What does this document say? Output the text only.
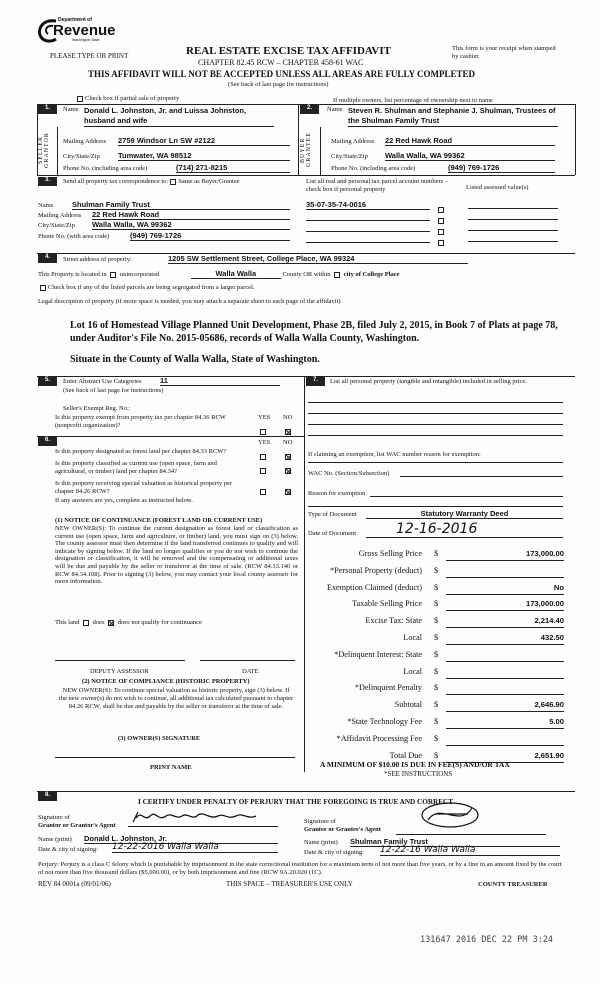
Department of
Revenue
Washington State
PLEASE TYPE OR PRINT	REAL ESTATE EXCISE TAX AFFIDAVIT
CHAPTER 82.45 RCW – CHAPTER 458-61 WAC
THIS AFFIDAVIT WILL NOT BE ACCEPTED UNLESS ALL AREAS ARE FULLY COMPLETED
(See back of last page for instructions)
This form is your receipt when stamped by cashier.
Check box if partial sale of property	If multiple owners, list percentage of ownership next to name
1.
SELLER GRANTOR
Name Donald L. Johnston, Jr. and Luissa Johnston, husband and wife
Mailing Address 2759 Windsor Ln SW #2122
City/State/Zip Tumwater, WA 98512
Phone No. (including area code)	(714) 271-8215
2.
BUYER GRANTEE
Name Steven R. Shulman and Stephanie J. Shulman, Trustees of the Shulman Family Trust
Mailing Address 22 Red Hawk Road
City/State/Zip Walla Walla, WA 99362
Phone No. (including area code)	(949) 769-1726
3.	Send all property tax correspondence to: Same as Buyer/Grantee	List all real and personal tax parcel account numbers – check box if personal property	Listed assessed value(s)
Name Shulman Family Trust
Mailing Address 22 Red Hawk Road
City/State/Zip Walla Walla, WA 99362
Phone No. (with area code)	(949) 769-1726
35-07-35-74-0016
4.	Street address of property:	1205 SW Settlement Street, College Place, WA 99324
This Property is located in unincorporated	Walla Walla	County OR within city of College Place
Check box if any of the listed parcels are being segregated from a larger parcel.
Legal description of property (if more space is needed, you may attach a separate sheet to each page of the affidavit)
Lot 16 of Homestead Village Planned Unit Development, Phase 2B, filed July 2, 2015, in Book 7 of Plats at page 78, under Auditor's File No. 2015-05686, records of Walla Walla County, Washington.
Situate in the County of Walla Walla, State of Washington.
5.	Enter Abstract Use Categories 11
(See back of last page for instructions)
Seller's Exempt Reg. No.:
Is this property exempt from property tax per chapter 84.36 RCW (nonprofit organization)?
YES NO
7.	List all personal property (tangible and intangible) included in selling price.
6.	YES NO
Is this property designated as forest land per chapter 84.33 RCW?
Is this property classified as current use (open space, farm and agricultural, or timber) land per chapter 84.34?
Is this property receiving special valuation as historical property per chapter 84.26 RCW?
If any answers are yes, complete as instructed below.
(1) NOTICE OF CONTINUANCE (FOREST LAND OR CURRENT USE)
NEW OWNER(S): To continue the current designation as forest land or classification as current use (open space, farm and agriculture, or timber) land, you must sign on (3) below. The county assessor must then determine if the land transferred continues to qualify and will indicate by signing below. If the land no longer qualifies or you do not wish to continue the designation or classification, it will be removed and the compensating or additional taxes will be due and payable by the seller or transferor at the time of sale. (RCW 84.33.140 or RCW 84.34.108). Prior to signing (3) below, you may contact your local county assessor for more information.
This land does does not qualify for continuance
DEPUTY ASSESSOR	DATE
(2) NOTICE OF COMPLIANCE (HISTORIC PROPERTY)
NEW OWNER(S): To continue special valuation as historic property, sign (3) below. If the new owner(s) do not wish to continue, all additional tax calculated pursuant to chapter 84.26 RCW, shall be due and payable by the seller or transferor at the time of sale.
(3) OWNER(S) SIGNATURE
PRINT NAME
If claiming an exemption, list WAC number reason for exemption:
WAC No. (Section/Subsection)
Reason for exemption
Type of Document	Statutory Warranty Deed
Date of Document	12-16-2016
Gross Selling Price $	173,000.00
*Personal Property (deduct) $
Exemption Claimed (deduct) $	No
Taxable Selling Price $	173,000.00
Excise Tax: State $	2,214.40
Local $	432.50
*Delinquent Interest: State $
Local $
*Delinquent Penalty $
Subtotal $	2,646.90
*State Technology Fee $	5.00
*Affidavit Processing Fee $
Total Due $	2,651.90
A MINIMUM OF $10.00 IS DUE IN FEE(S) AND/OR TAX
*SEE INSTRUCTIONS
8.
I CERTIFY UNDER PENALTY OF PERJURY THAT THE FOREGOING IS TRUE AND CORRECT
Signature of
Grantor or Grantor's Agent
Name (print) Donald L. Johnston, Jr.
Date & city of signing: 12-22-2016 Walla Walla
Signature of
Grantee or Grantee's Agent
Name (print) Shulman Family Trust
Date & city of signing: 12-22-16 Walla Walla
Perjury: Perjury is a class C felony which is punishable by imprisonment in the state correctional institution for a maximum term of not more than five years, or by a fine in an amount fixed by the court of not more than five thousand dollars ($5,000.00), or by both imprisonment and fine (RCW 9A.20.020 (1C).
REV 84 0001a (09/01/06)	THIS SPACE – TREASURER'S USE ONLY	COUNTY TREASURER
131647 2016 DEC 22 PM 3:24
